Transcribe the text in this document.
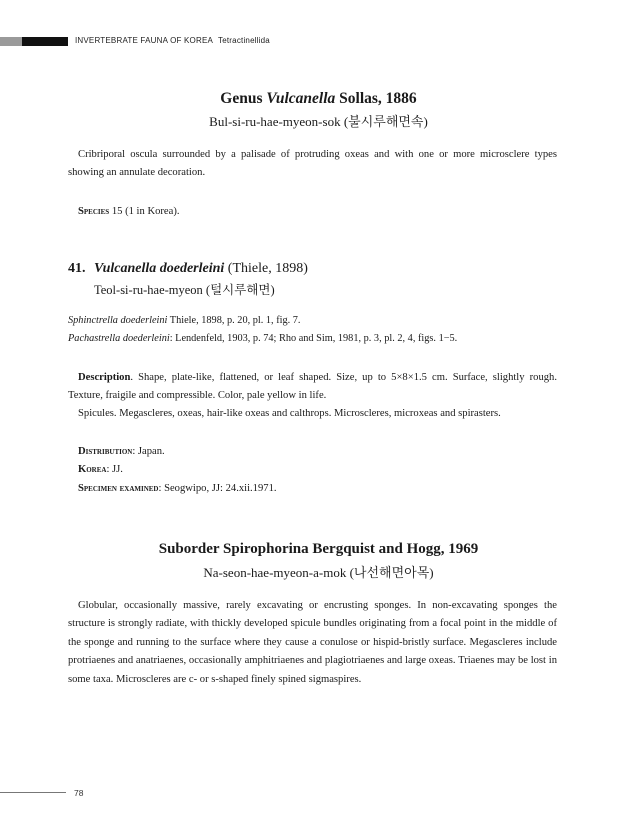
INVERTEBRATE FAUNA OF KOREA Tetractinellida
Genus Vulcanella Sollas, 1886
Bul-si-ru-hae-myeon-sok (불시루해면속)
Cribriporal oscula surrounded by a palisade of protruding oxeas and with one or more microsclere types showing an annulate decoration.
Species 15 (1 in Korea).
41. Vulcanella doederleini (Thiele, 1898)
Teol-si-ru-hae-myeon (털시루해면)
Sphinctrella doederleini Thiele, 1898, p. 20, pl. 1, fig. 7.
Pachastrella doederleini: Lendenfeld, 1903, p. 74; Rho and Sim, 1981, p. 3, pl. 2, 4, figs. 1−5.
Description. Shape, plate-like, flattened, or leaf shaped. Size, up to 5×8×1.5 cm. Surface, slightly rough. Texture, fraigile and compressible. Color, pale yellow in life.
Spicules. Megascleres, oxeas, hair-like oxeas and calthrops. Microscleres, microxeas and spirasters.
Distribution: Japan.
Korea: JJ.
Specimen examined: Seogwipo, JJ: 24.xii.1971.
Suborder Spirophorina Bergquist and Hogg, 1969
Na-seon-hae-myeon-a-mok (나선해면아목)
Globular, occasionally massive, rarely excavating or encrusting sponges. In non-excavating sponges the structure is strongly radiate, with thickly developed spicule bundles originating from a focal point in the middle of the sponge and running to the surface where they cause a conulose or hispid-bristly surface. Megascleres include protriaenes and anatriaenes, occasionally amphitriaenes and plagiotriaenes and large oxeas. Triaenes may be lost in some taxa. Microscleres are c- or s-shaped finely spined sigmaspires.
78
